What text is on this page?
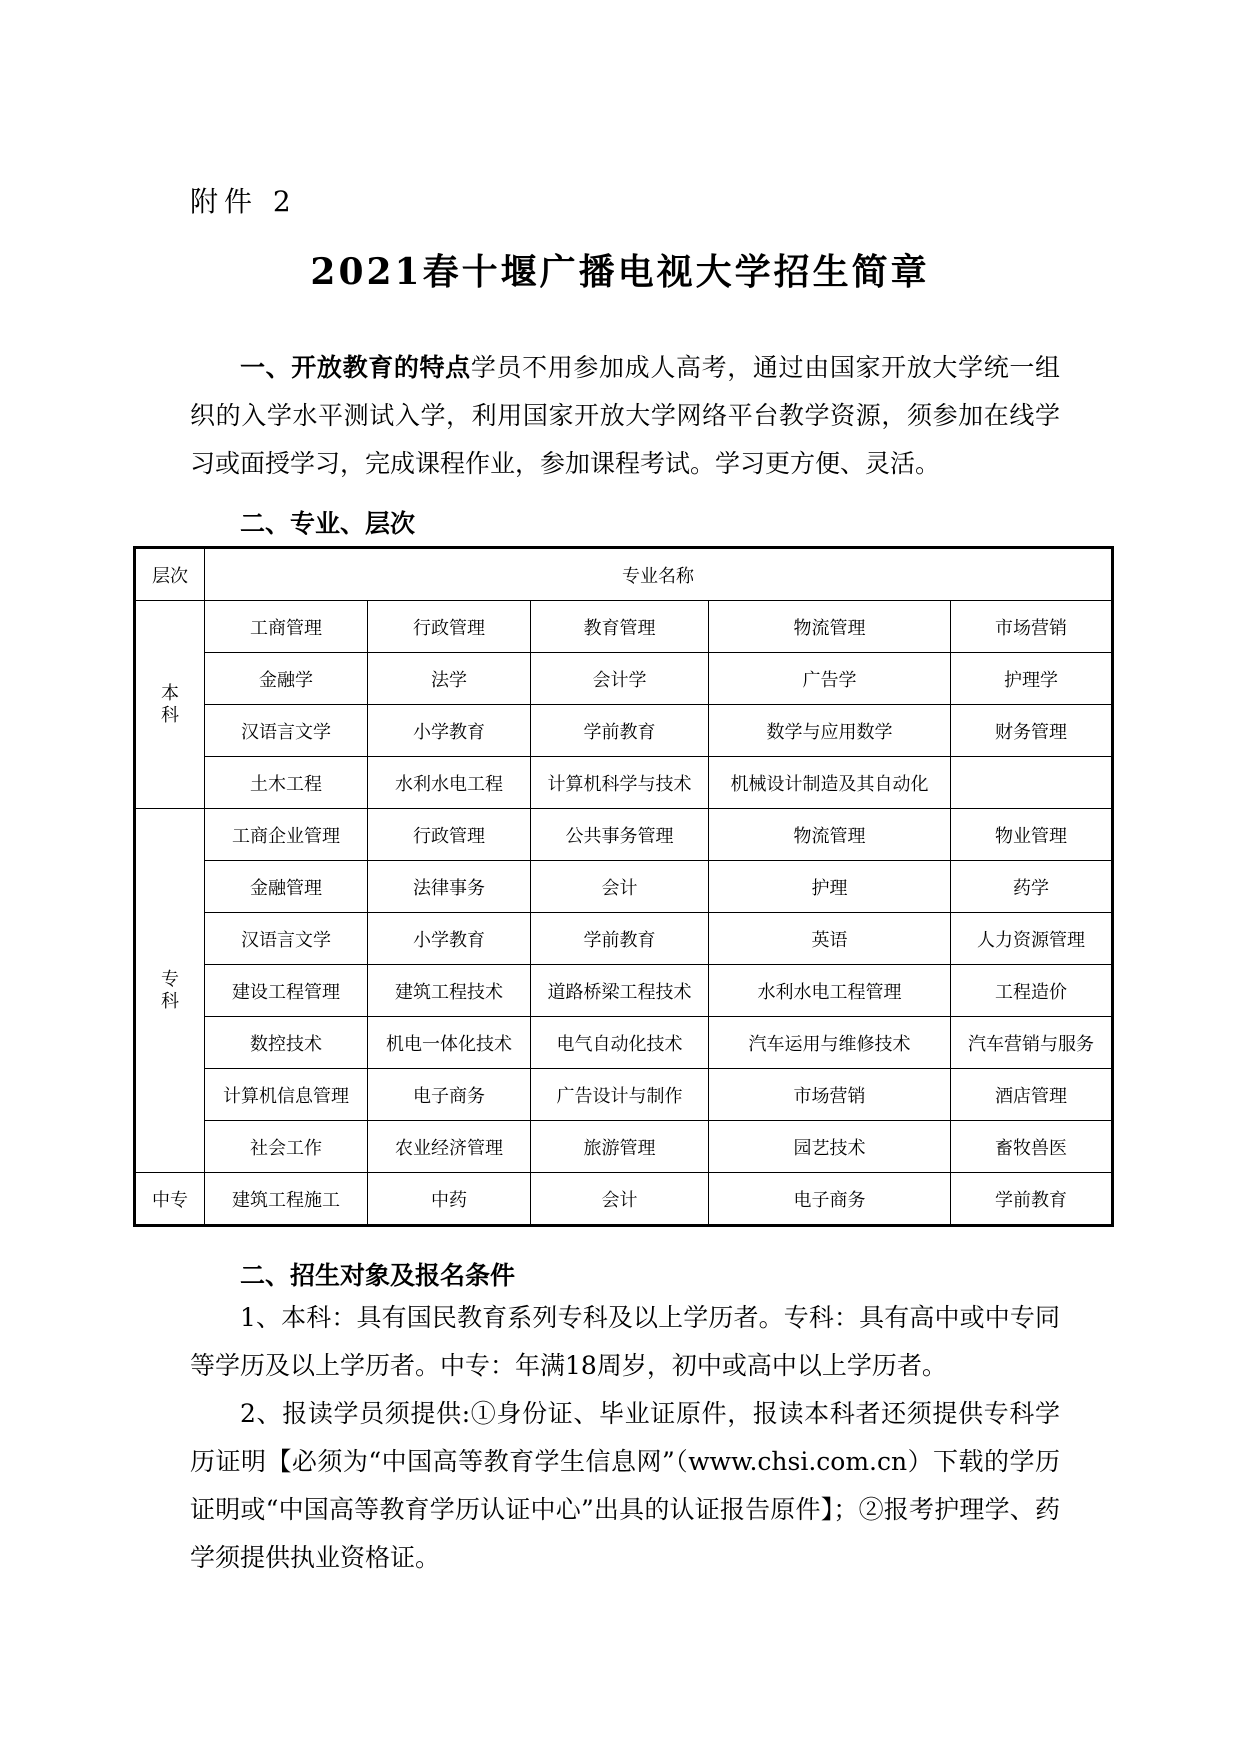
附件 2
2021春十堰广播电视大学招生简章

一、开放教育的特点学员不用参加成人高考，通过由国家开放大学统一组织的入学水平测试入学，利用国家开放大学网络平台教学资源，须参加在线学习或面授学习，完成课程作业，参加课程考试。学习更方便、灵活。

二、专业、层次
层次	专业名称				
本
科	工商管理	行政管理	教育管理	物流管理	市场营销
	金融学	法学	会计学	广告学	护理学
	汉语言文学	小学教育	学前教育	数学与应用数学	财务管理
	土木工程	水利水电工程	计算机科学与技术	机械设计制造及其自动化	
专
科	工商企业管理	行政管理	公共事务管理	物流管理	物业管理
	金融管理	法律事务	会计	护理	药学
	汉语言文学	小学教育	学前教育	英语	人力资源管理
	建设工程管理	建筑工程技术	道路桥梁工程技术	水利水电工程管理	工程造价
	数控技术	机电一体化技术	电气自动化技术	汽车运用与维修技术	汽车营销与服务
	计算机信息管理	电子商务	广告设计与制作	市场营销	酒店管理
	社会工作	农业经济管理	旅游管理	园艺技术	畜牧兽医
中专	建筑工程施工	中药	会计	电子商务	学前教育
二、招生对象及报名条件

1、本科：具有国民教育系列专科及以上学历者。专科：具有高中或中专同等学历及以上学历者。中专：年满18周岁，初中或高中以上学历者。

2、报读学员须提供:①身份证、毕业证原件，报读本科者还须提供专科学历证明【必须为“中国高等教育学生信息网”（www.chsi.com.cn）下载的学历证明或“中国高等教育学历认证中心”出具的认证报告原件】；②报考护理学、药学须提供执业资格证。
